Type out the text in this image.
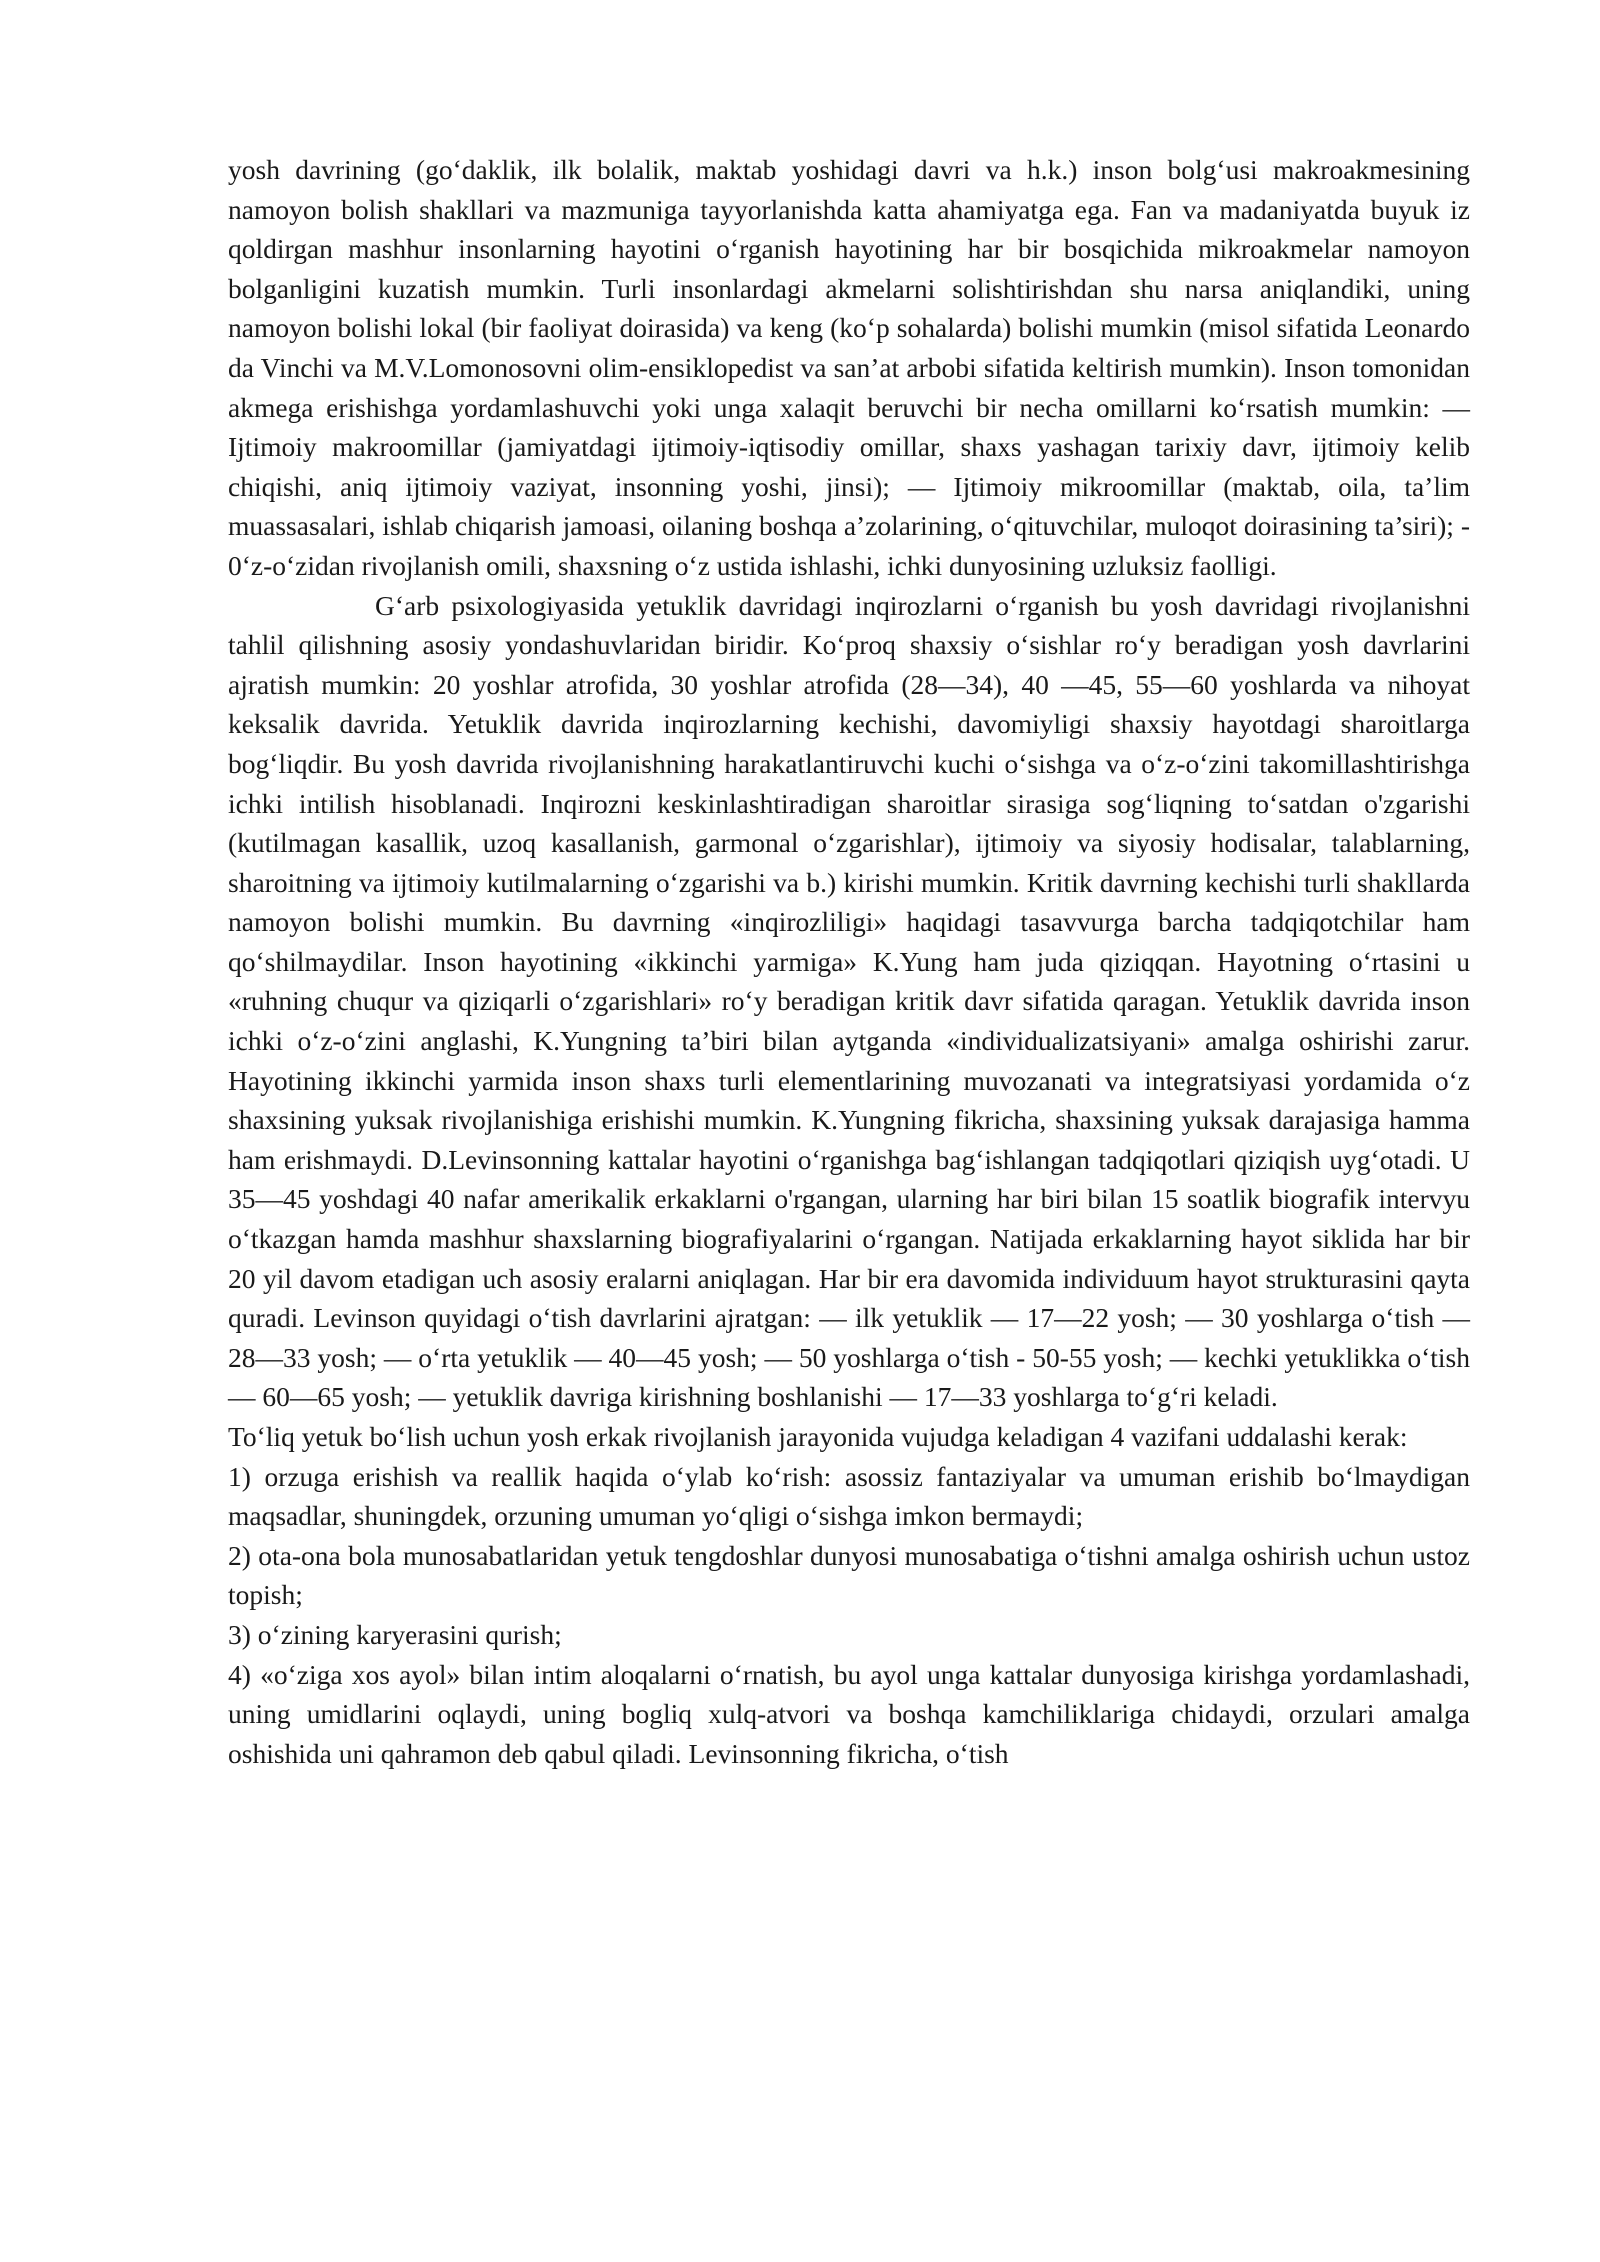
yosh davrining (go‘daklik, ilk bolalik, maktab yoshidagi davri va h.k.) inson bolg‘usi makroakmesining namoyon bolish shakllari va mazmuniga tayyorlanishda katta ahamiyatga ega. Fan va madaniyatda buyuk iz qoldirgan mashhur insonlarning hayotini o‘rganish hayotining har bir bosqichida mikroakmelar namoyon bolganligini kuzatish mumkin. Turli insonlardagi akmelarni solishtirishdan shu narsa aniqlandiki, uning namoyon bolishi lokal (bir faoliyat doirasida) va keng (ko‘p sohalarda) bolishi mumkin (misol sifatida Leonardo da Vinchi va M.V.Lomonosovni olim-ensiklopedist va san’at arbobi sifatida keltirish mumkin). Inson tomonidan akmega erishishga yordamlashuvchi yoki unga xalaqit beruvchi bir necha omillarni ko‘rsatish mumkin: — Ijtimoiy makroomillar (jamiyatdagi ijtimoiy-iqtisodiy omillar, shaxs yashagan tarixiy davr, ijtimoiy kelib chiqishi, aniq ijtimoiy vaziyat, insonning yoshi, jinsi); — Ijtimoiy mikroomillar (maktab, oila, ta’lim muassasalari, ishlab chiqarish jamoasi, oilaning boshqa a’zolarining, o‘qituvchilar, muloqot doirasining ta’siri); - 0‘z-o‘zidan rivojlanish omili, shaxsning o‘z ustida ishlashi, ichki dunyosining uzluksiz faolligi.

G‘arb psixologiyasida yetuklik davridagi inqirozlarni o‘rganish bu yosh davridagi rivojlanishni tahlil qilishning asosiy yondashuvlaridan biridir. Ko‘proq shaxsiy o‘sishlar ro‘y beradigan yosh davrlarini ajratish mumkin: 20 yoshlar atrofida, 30 yoshlar atrofida (28—34), 40 —45, 55—60 yoshlarda va nihoyat keksalik davrida. Yetuklik davrida inqirozlarning kechishi, davomiyligi shaxsiy hayotdagi sharoitlarga bog‘liqdir. Bu yosh davrida rivojlanishning harakatlantiruvchi kuchi o‘sishga va o‘z-o‘zini takomillashtirishga ichki intilish hisoblanadi. Inqirozni keskinlashtiradigan sharoitlar sirasiga sog‘liqning to‘satdan o'zgarishi (kutilmagan kasallik, uzoq kasallanish, garmonal o‘zgarishlar), ijtimoiy va siyosiy hodisalar, talablarning, sharoitning va ijtimoiy kutilmalarning o‘zgarishi va b.) kirishi mumkin. Kritik davrning kechishi turli shakllarda namoyon bolishi mumkin. Bu davrning «inqirozliligi» haqidagi tasavvurga barcha tadqiqotchilar ham qo‘shilmaydilar. Inson hayotining «ikkinchi yarmiga» K.Yung ham juda qiziqqan. Hayotning o‘rtasini u «ruhning chuqur va qiziqarli o‘zgarishlari» ro‘y beradigan kritik davr sifatida qaragan. Yetuklik davrida inson ichki o‘z-o‘zini anglashi, K.Yungning ta’biri bilan aytganda «individualizatsiyani» amalga oshirishi zarur. Hayotining ikkinchi yarmida inson shaxs turli elementlarining muvozanati va integratsiyasi yordamida o‘z shaxsining yuksak rivojlanishiga erishishi mumkin. K.Yungning fikricha, shaxsining yuksak darajasiga hamma ham erishmaydi. D.Levinsonning kattalar hayotini o‘rganishga bag‘ishlangan tadqiqotlari qiziqish uyg‘otadi. U 35—45 yoshdagi 40 nafar amerikalik erkaklarni o'rgangan, ularning har biri bilan 15 soatlik biografik intervyu o‘tkazgan hamda mashhur shaxslarning biografiyalarini o‘rgangan. Natijada erkaklarning hayot siklida har bir 20 yil davom etadigan uch asosiy eralarni aniqlagan. Har bir era davomida individuum hayot strukturasini qayta quradi. Levinson quyidagi o‘tish davrlarini ajratgan: — ilk yetuklik — 17—22 yosh; — 30 yoshlarga o‘tish — 28—33 yosh; — o‘rta yetuklik — 40—45 yosh; — 50 yoshlarga o‘tish - 50-55 yosh; — kechki yetuklikka o‘tish — 60—65 yosh; — yetuklik davriga kirishning boshlanishi — 17—33 yoshlarga to‘g‘ri keladi.

To‘liq yetuk bo‘lish uchun yosh erkak rivojlanish jarayonida vujudga keladigan 4 vazifani uddalashi kerak:

1) orzuga erishish va reallik haqida o‘ylab ko‘rish: asossiz fantaziyalar va umuman erishib bo‘lmaydigan maqsadlar, shuningdek, orzuning umuman yo‘qligi o‘sishga imkon bermaydi;

2) ota-ona bola munosabatlaridan yetuk tengdoshlar dunyosi munosabatiga o‘tishni amalga oshirish uchun ustoz topish;

3) o‘zining karyerasini qurish;

4) «o‘ziga xos ayol» bilan intim aloqalarni o‘rnatish, bu ayol unga kattalar dunyosiga kirishga yordamlashadi, uning umidlarini oqlaydi, uning bogliq xulq-atvori va boshqa kamchiliklariga chidaydi, orzulari amalga oshishida uni qahramon deb qabul qiladi. Levinsonning fikricha, o‘tish
